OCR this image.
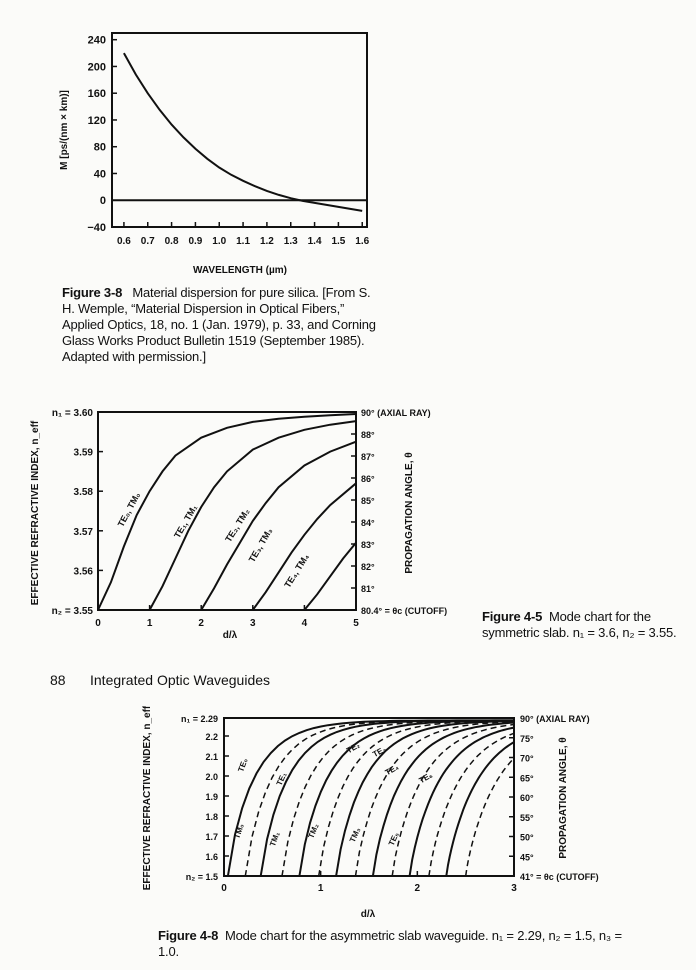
240
200
160
120
80
40
0
−40
0.6 0.7 0.8 0.9 1.0 1.1 1.2 1.3 1.4 1.5 1.6
WAVELENGTH (µm)
M [ps/(nm × km)]
Figure 3-8 Material dispersion for pure silica. [From S. H. Wemple, “Material Dispersion in Optical Fibers,” Applied Optics, 18, no. 1 (Jan. 1979), p. 33, and Corning Glass Works Product Bulletin 1519 (September 1985). Adapted with permission.]
n₁ = 3.60
3.59
3.58
3.57
3.56
n₂ = 3.55
90° (AXIAL RAY)
88°
87°
86°
85°
84°
83°
82°
81°
80.4° = θc (CUTOFF)
0	1	2	3	4	5
TE₀, TM₀	TE₁, TM₁	TE₂, TM₂
TE₃, TM₃
TE₄, TM₄
d/λ
EFFECTIVE REFRACTIVE INDEX, n_eff	PROPAGATION ANGLE, θ
Figure 4-5 Mode chart for the symmetric slab. n₁ = 3.6, n₂ = 3.55.
88 Integrated Optic Waveguides
n₁ = 2.29
2.2
2.1
2.0
1.9
1.8
1.7
1.6
n₂ = 1.5
90° (AXIAL RAY)
75°
70°
65°
60°
55°
50°
45°
41° = θc (CUTOFF)
0	1	2	3
TE₀
TM₀
TE₁
TM₁
TE₂
TM₂
TE₃
TM₃
TE₄
TE₅
TE₆
d/λ
EFFECTIVE REFRACTIVE INDEX, n_eff	PROPAGATION ANGLE, θ
Figure 4-8 Mode chart for the asymmetric slab waveguide. n₁ = 2.29, n₂ = 1.5, n₃ = 1.0.
